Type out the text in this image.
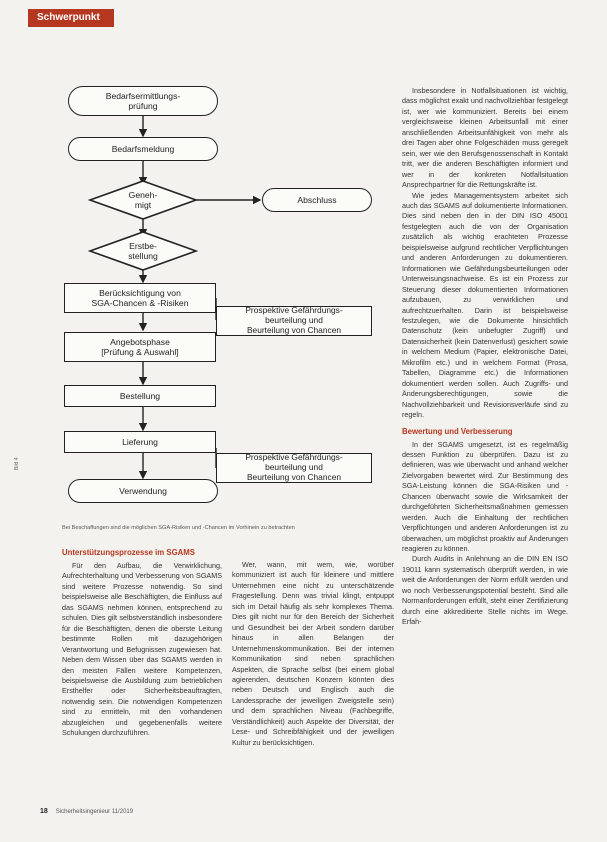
Schwerpunkt
Bedarfsermittlungs-
prüfung
Bedarfsmeldung
Geneh-
migt	Abschluss
Erstbe-
stellung
Berücksichtigung von
SGA-Chancen & -Risiken
Prospektive Gefährdungs-
beurteilung und
Beurteilung von Chancen
Angebotsphase
[Prüfung & Auswahl]
Bestellung
Lieferung
Prospektive Gefährdungs-
beurteilung und
Beurteilung von Chancen
Verwendung
Bild 4
Bei Beschaffungen sind die möglichen SGA-Risiken und -Chancen im Vorhinein zu betrachten
Unterstützungsprozesse im SGAMS

Für den Aufbau, die Verwirklichung, Aufrechterhaltung und Verbesserung von SGAMS sind weitere Prozesse notwendig. So sind beispielsweise alle Beschäftigten, die Einfluss auf das SGAMS nehmen können, entsprechend zu schulen. Dies gilt selbstverständlich insbesondere für die Beschäftigten, denen die oberste Leitung bestimmte Rollen mit dazugehörigen Verantwortung und Befugnissen zugewiesen hat. Neben dem Wissen über das SGAMS werden in den meisten Fällen weitere Kompetenzen, beispielsweise die Ausbildung zum betrieblichen Ersthelfer oder Sicherheitsbeauftragten, notwendig sein. Die notwendigen Kompetenzen sind zu ermitteln, mit den vorhandenen abzugleichen und gegebenenfalls weitere Schulungen durchzuführen.

Wer, wann, mit wem, wie, worüber kommuniziert ist auch für kleinere und mittlere Unternehmen eine nicht zu unterschätzende Fragestellung. Denn was trivial klingt, entpuppt sich im Detail häufig als sehr komplexes Thema. Dies gilt nicht nur für den Bereich der Sicherheit und Gesundheit bei der Arbeit sondern darüber hinaus in allen Belangen der Unternehmenskommunikation. Bei der internen Kommunikation sind neben sprachlichen Aspekten, die Sprache selbst (bei einem global agierenden, deutschen Konzern könnten dies neben Deutsch und Englisch auch die Landessprache der jeweiligen Zweigstelle sein) und dem sprachlichen Niveau (Fachbegriffe, Verständlichkeit) auch Aspekte der Diversität, der Lese- und Schreibfähigkeit und der jeweiligen Kultur zu berücksichtigen.

Insbesondere in Notfallsituationen ist wichtig, dass möglichst exakt und nachvollziehbar festgelegt ist, wer wie kommuniziert. Bereits bei einem vergleichsweise kleinen Arbeitsunfall mit einer anschließenden Arbeitsunfähigkeit von mehr als drei Tagen aber ohne Folgeschäden muss geregelt sein, wer wie den Berufsgenossenschaft in Kontakt tritt, wer die anderen Beschäftigten informiert und wer in der konkreten Notfallsituation Ansprechpartner für die Rettungskräfte ist.

Wie jedes Managementsystem arbeitet sich auch das SGAMS auf dokumentierte Informationen. Dies sind neben den in der DIN ISO 45001 festgelegten auch die von der Organisation zusätzlich als wichtig erachteten Prozesse beispielsweise aufgrund rechtlicher Verpflichtungen und anderen Anforderungen zu dokumentieren. Informationen wie Gefährdungsbeurteilungen oder Unterweisungsnachweise. Es ist ein Prozess zur Steuerung dieser dokumentierten Informationen aufzubauen, zu verwirklichen und aufrechtzuerhalten. Darin ist beispielsweise festzulegen, wie die Dokumente hinsichtlich Datenschutz (kein unbefugter Zugriff) und Datensicherheit (kein Datenverlust) gesichert sowie in welchem Medium (Papier, elektronische Datei, Mikrofilm etc.) und in welchem Format (Prosa, Tabellen, Diagramme etc.) die Informationen dokumentiert werden sollen. Auch Zugriffs- und Änderungsberechtigungen, sowie die Nachvollziehbarkeit und Revisionsverläufe sind zu regeln.

Bewertung und Verbesserung

In der SGAMS umgesetzt, ist es regelmäßig dessen Funktion zu überprüfen. Dazu ist zu definieren, was wie überwacht und anhand welcher Zielvorgaben bewertet wird. Zur Bestimmung des SGA-Leistung können die SGA-Risiken und -Chancen überwacht sowie die Wirksamkeit der durchgeführten Sicherheitsmaßnahmen gemessen werden. Auch die Einhaltung der rechtlichen Verpflichtungen und anderen Anforderungen ist zu überwachen, um möglichst proaktiv auf Änderungen reagieren zu können.

Durch Audits in Anlehnung an die DIN EN ISO 19011 kann systematisch überprüft werden, in wie weit die Anforderungen der Norm erfüllt werden und wo noch Verbesserungspotential besteht. Sind alle Normanforderungen erfüllt, steht einer Zertifizierung durch eine akkreditierte Stelle nichts im Wege. Erfah-

18 Sicherheitsingenieur 11/2019
